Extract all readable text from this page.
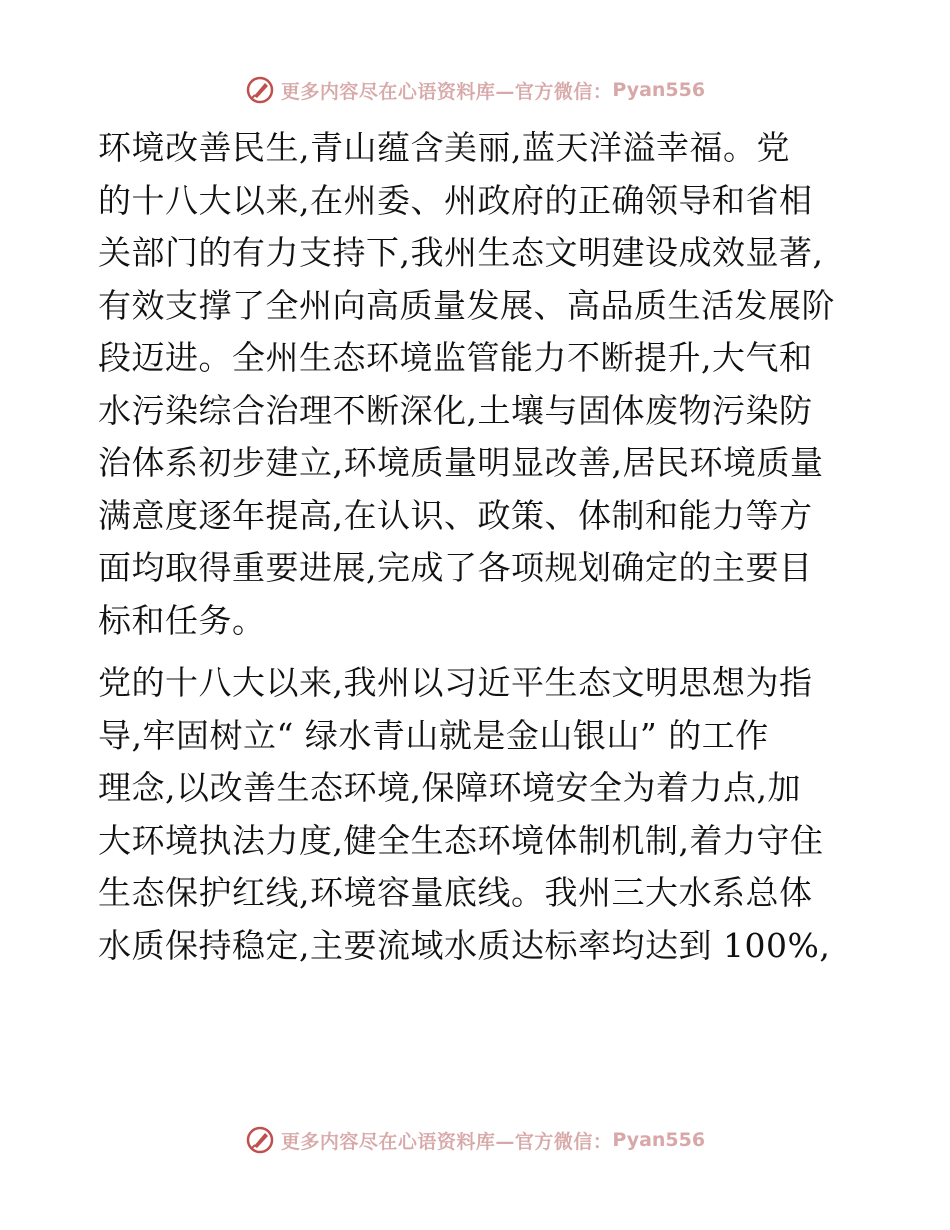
更多内容尽在心语资料库—官方微信： Pyan556
环境改善民生,青山蕴含美丽,蓝天洋溢幸福。党
的十八大以来,在州委、州政府的正确领导和省相
关部门的有力支持下,我州生态文明建设成效显著,
有效支撑了全州向高质量发展、高品质生活发展阶
段迈进。全州生态环境监管能力不断提升,大气和
水污染综合治理不断深化,土壤与固体废物污染防
治体系初步建立,环境质量明显改善,居民环境质量
满意度逐年提高,在认识、政策、体制和能力等方
面均取得重要进展,完成了各项规划确定的主要目
标和任务。
党的十八大以来,我州以习近平生态文明思想为指
导,牢固树立“ 绿水青山就是金山银山” 的工作
理念,以改善生态环境,保障环境安全为着力点,加
大环境执法力度,健全生态环境体制机制,着力守住
生态保护红线,环境容量底线。我州三大水系总体
水质保持稳定,主要流域水质达标率均达到 100%,
更多内容尽在心语资料库—官方微信： Pyan556
